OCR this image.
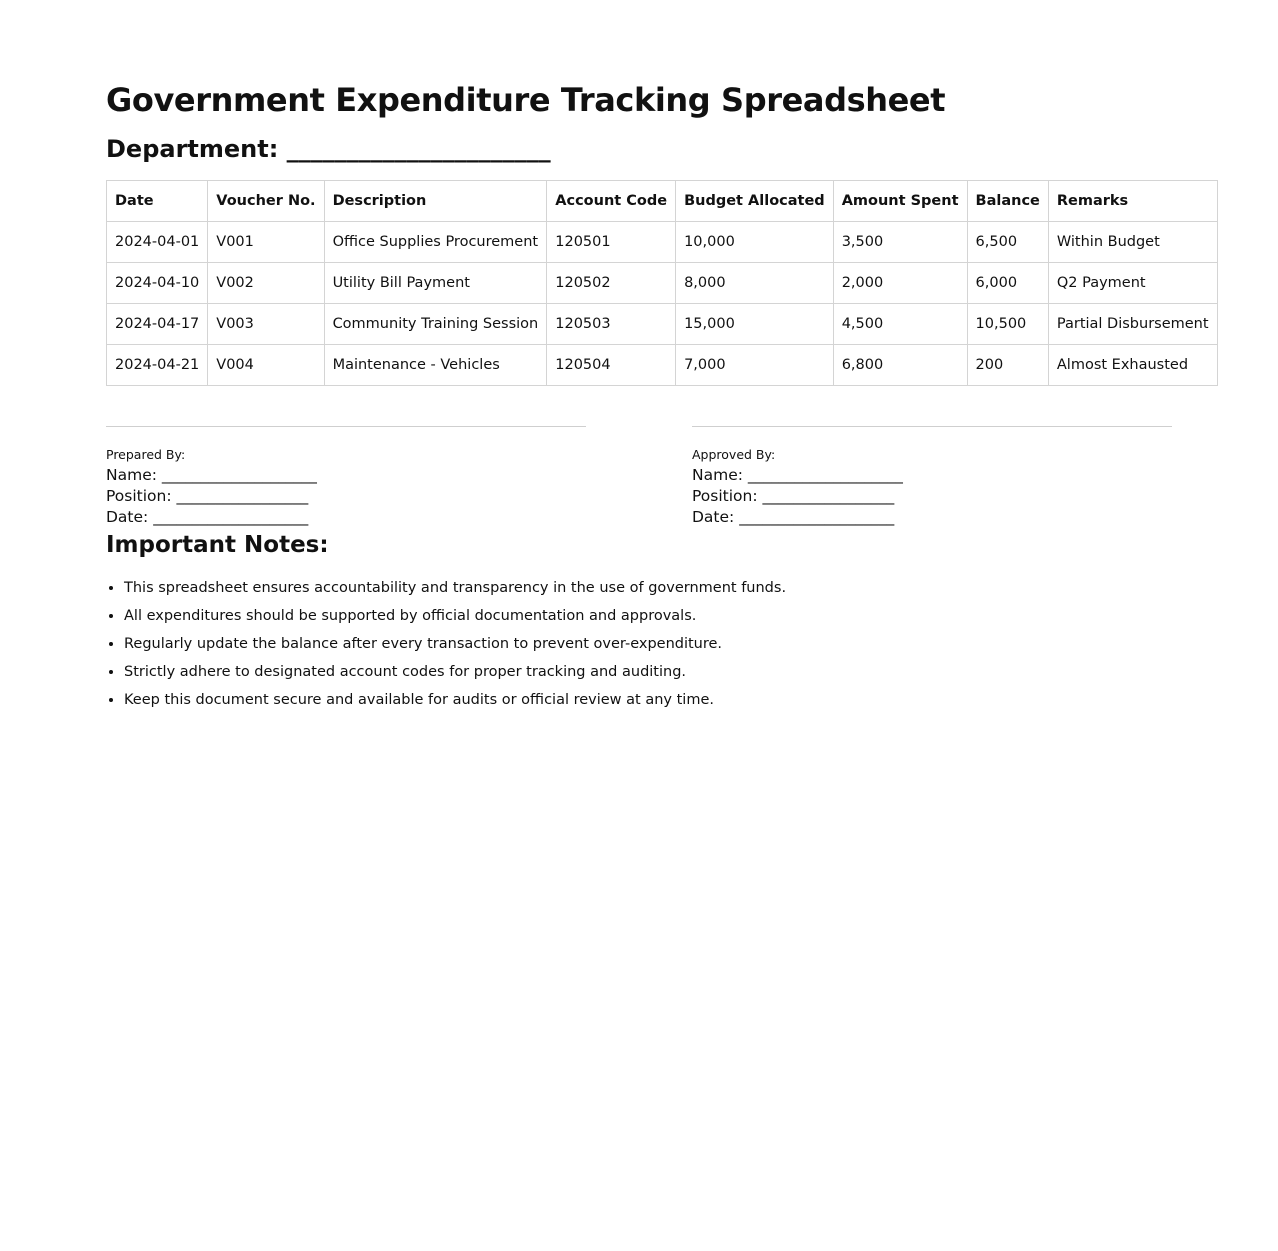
Government Expenditure Tracking Spreadsheet
Department: ______________________
Date	Voucher No.	Description	Account Code	Budget Allocated	Amount Spent	Balance	Remarks
2024-04-01	V001	Office Supplies Procurement	120501	10,000	3,500	6,500	Within Budget
2024-04-10	V002	Utility Bill Payment	120502	8,000	2,000	6,000	Q2 Payment
2024-04-17	V003	Community Training Session	120503	15,000	4,500	10,500	Partial Disbursement
2024-04-21	V004	Maintenance - Vehicles	120504	7,000	6,800	200	Almost Exhausted
Prepared By:
Name: ____________________
Position: _________________
Date: ____________________
Approved By:
Name: ____________________
Position: _________________
Date: ____________________
Important Notes:
• This spreadsheet ensures accountability and transparency in the use of government funds.
• All expenditures should be supported by official documentation and approvals.
• Regularly update the balance after every transaction to prevent over-expenditure.
• Strictly adhere to designated account codes for proper tracking and auditing.
• Keep this document secure and available for audits or official review at any time.
